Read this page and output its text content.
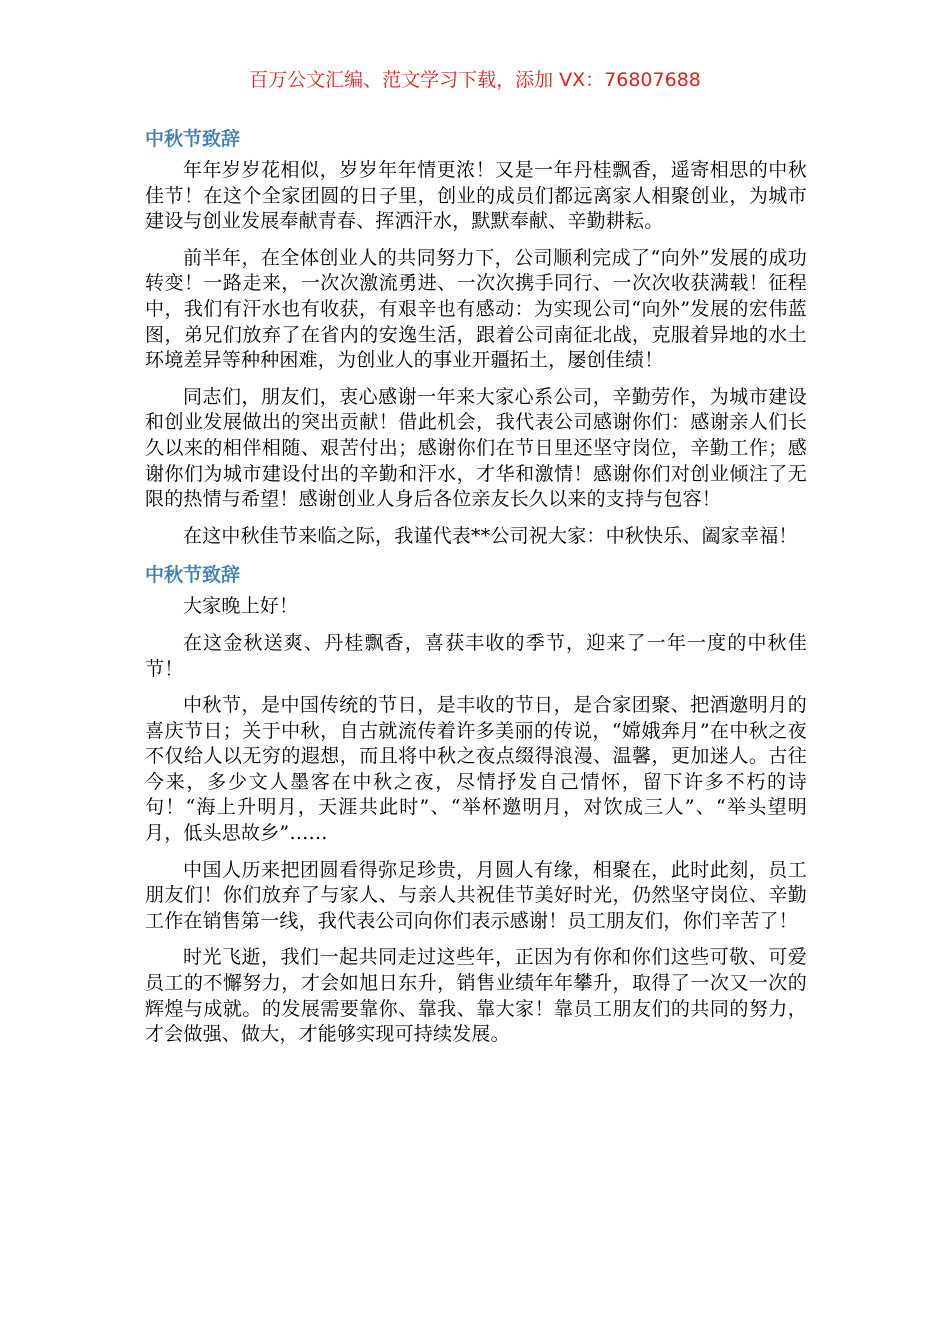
百万公文汇编、范文学习下载，添加 VX：76807688
中秋节致辞

年年岁岁花相似，岁岁年年情更浓！又是一年丹桂飘香，遥寄相思的中秋佳节！在这个全家团圆的日子里，创业的成员们都远离家人相聚创业，为城市建设与创业发展奉献青春、挥洒汗水，默默奉献、辛勤耕耘。

前半年，在全体创业人的共同努力下，公司顺利完成了“向外”发展的成功转变！一路走来，一次次激流勇进、一次次携手同行、一次次收获满载！征程中，我们有汗水也有收获，有艰辛也有感动：为实现公司“向外”发展的宏伟蓝图，弟兄们放弃了在省内的安逸生活，跟着公司南征北战，克服着异地的水土环境差异等种种困难，为创业人的事业开疆拓土，屡创佳绩！

同志们，朋友们，衷心感谢一年来大家心系公司，辛勤劳作，为城市建设和创业发展做出的突出贡献！借此机会，我代表公司感谢你们：感谢亲人们长久以来的相伴相随、艰苦付出；感谢你们在节日里还坚守岗位，辛勤工作；感谢你们为城市建设付出的辛勤和汗水，才华和激情！感谢你们对创业倾注了无限的热情与希望！感谢创业人身后各位亲友长久以来的支持与包容！

在这中秋佳节来临之际，我谨代表**公司祝大家：中秋快乐、阖家幸福！

中秋节致辞

大家晚上好！

在这金秋送爽、丹桂飘香，喜获丰收的季节，迎来了一年一度的中秋佳节！

中秋节，是中国传统的节日，是丰收的节日，是合家团聚、把酒邀明月的喜庆节日；关于中秋，自古就流传着许多美丽的传说，“嫦娥奔月”在中秋之夜不仅给人以无穷的遐想，而且将中秋之夜点缀得浪漫、温馨，更加迷人。古往今来，多少文人墨客在中秋之夜，尽情抒发自己情怀，留下许多不朽的诗句！“海上升明月，天涯共此时”、“举杯邀明月，对饮成三人”、“举头望明月，低头思故乡”……

中国人历来把团圆看得弥足珍贵，月圆人有缘，相聚在，此时此刻，员工朋友们！你们放弃了与家人、与亲人共祝佳节美好时光，仍然坚守岗位、辛勤工作在销售第一线，我代表公司向你们表示感谢！员工朋友们，你们辛苦了！

时光飞逝，我们一起共同走过这些年，正因为有你和你们这些可敬、可爱员工的不懈努力，才会如旭日东升，销售业绩年年攀升，取得了一次又一次的辉煌与成就。的发展需要靠你、靠我、靠大家！靠员工朋友们的共同的努力，才会做强、做大，才能够实现可持续发展。
